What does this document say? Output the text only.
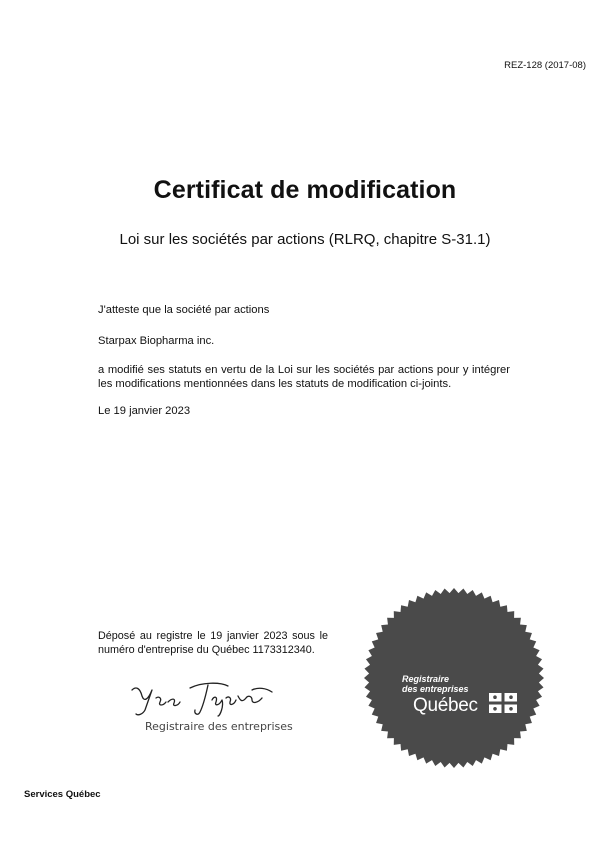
REZ-128 (2017-08)
Certificat de modification
Loi sur les sociétés par actions (RLRQ, chapitre S-31.1)
J'atteste que la société par actions
Starpax Biopharma inc.
a modifié ses statuts en vertu de la Loi sur les sociétés par actions pour y intégrer les modifications mentionnées dans les statuts de modification ci-joints.
Le 19 janvier 2023
Déposé au registre le 19 janvier 2023 sous le numéro d'entreprise du Québec 1173312340.
Registraire des entreprises
Registraire
des entreprises
Québec
Services Québec
